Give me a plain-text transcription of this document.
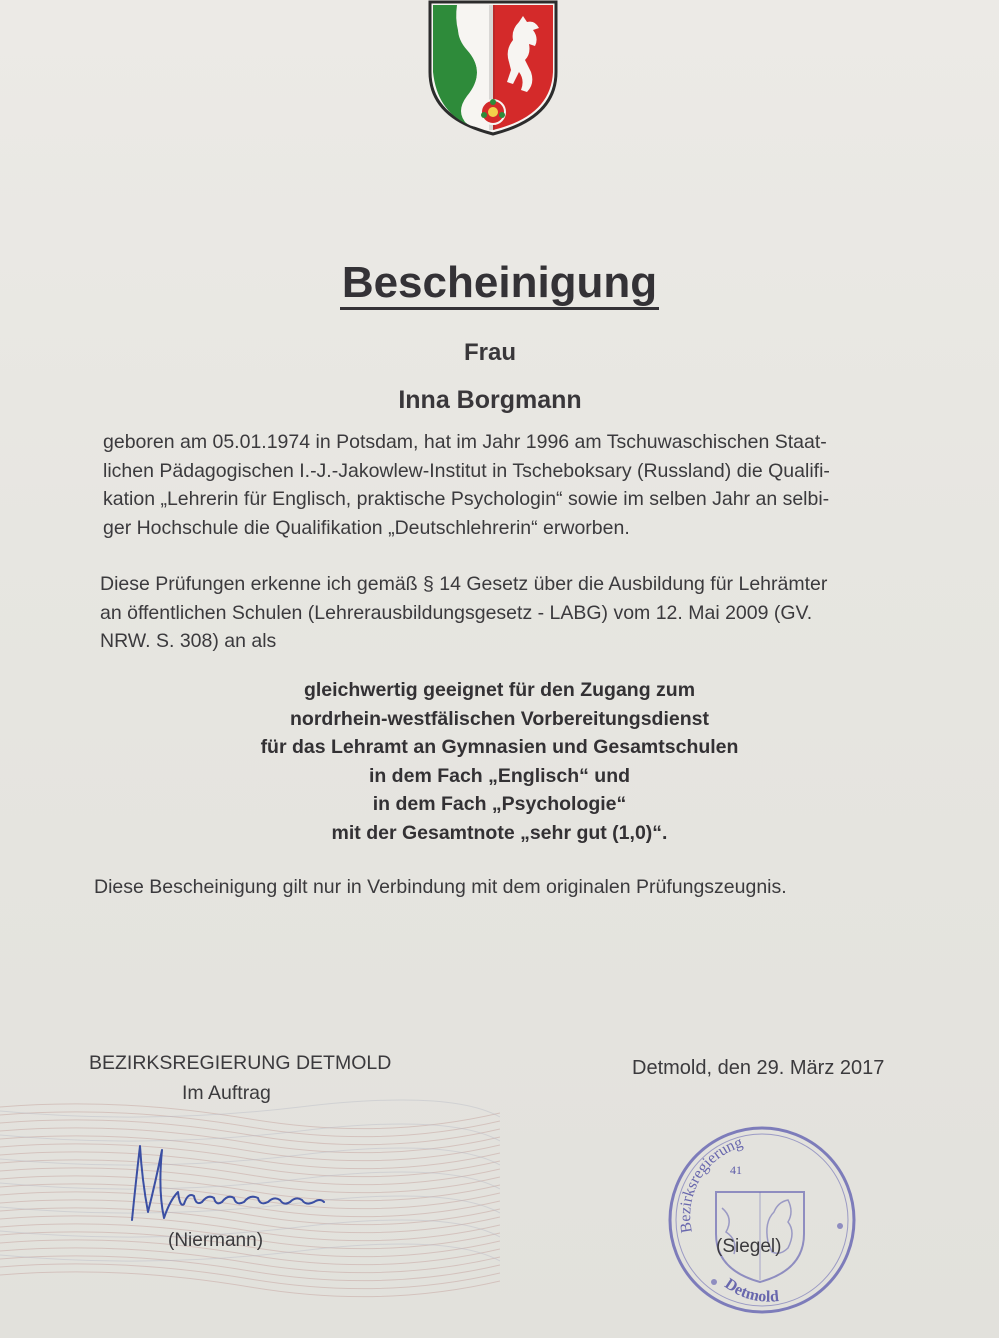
Bescheinigung
Frau
Inna Borgmann
geboren am 05.01.1974 in Potsdam, hat im Jahr 1996 am Tschuwaschischen Staat-
lichen Pädagogischen I.-J.-Jakowlew-Institut in Tscheboksary (Russland) die Qualifi-
kation „Lehrerin für Englisch, praktische Psychologin“ sowie im selben Jahr an selbi-
ger Hochschule die Qualifikation „Deutschlehrerin“ erworben.
Diese Prüfungen erkenne ich gemäß § 14 Gesetz über die Ausbildung für Lehrämter
an öffentlichen Schulen (Lehrerausbildungsgesetz - LABG) vom 12. Mai 2009 (GV.
NRW. S. 308) an als
gleichwertig geeignet für den Zugang zum
nordrhein-westfälischen Vorbereitungsdienst
für das Lehramt an Gymnasien und Gesamtschulen
in dem Fach „Englisch“ und
in dem Fach „Psychologie“
mit der Gesamtnote „sehr gut (1,0)“.
Diese Bescheinigung gilt nur in Verbindung mit dem originalen Prüfungszeugnis.
BEZIRKSREGIERUNG DETMOLD
Im Auftrag
Detmold, den 29. März 2017
(Niermann)
Bezirksregierung
Detmold
41
(Siegel)
